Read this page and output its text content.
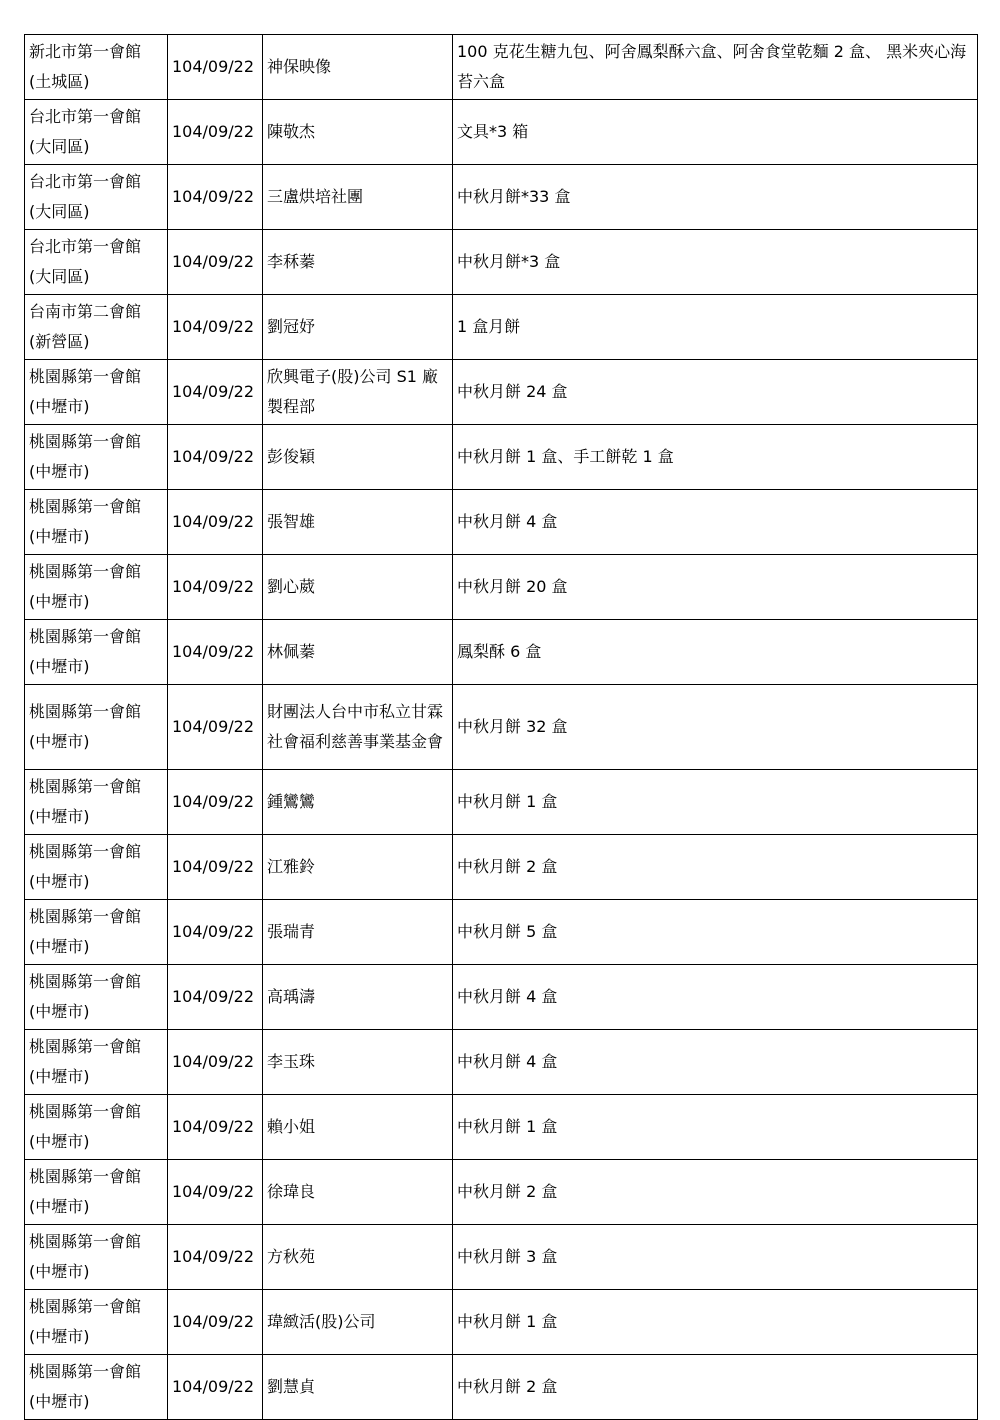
新北市第一會館
(土城區)	104/09/22	神保映像	100 克花生糖九包、阿舍鳳梨酥六盒、阿舍食堂乾麵 2 盒、 黑米夾心海苔六盒

台北市第一會館
(大同區)	104/09/22	陳敬杰	文具*3 箱

台北市第一會館
(大同區)	104/09/22	三盧烘培社團	中秋月餅*33 盒

台北市第一會館
(大同區)	104/09/22	李秝蓁	中秋月餅*3 盒

台南市第二會館
(新營區)	104/09/22	劉冠妤	1 盒月餅

桃園縣第一會館
(中壢市)	104/09/22	欣興電子(股)公司 S1 廠製程部	中秋月餅 24 盒

桃園縣第一會館
(中壢市)	104/09/22	彭俊穎	中秋月餅 1 盒、手工餅乾 1 盒

桃園縣第一會館
(中壢市)	104/09/22	張智雄	中秋月餅 4 盒

桃園縣第一會館
(中壢市)	104/09/22	劉心葳	中秋月餅 20 盒

桃園縣第一會館
(中壢市)	104/09/22	林佩蓁	鳳梨酥 6 盒

桃園縣第一會館
(中壢市)	104/09/22	財團法人台中市私立甘霖社會福利慈善事業基金會	中秋月餅 32 盒

桃園縣第一會館
(中壢市)	104/09/22	鍾鸞鸞	中秋月餅 1 盒

桃園縣第一會館
(中壢市)	104/09/22	江雅鈴	中秋月餅 2 盒

桃園縣第一會館
(中壢市)	104/09/22	張瑞青	中秋月餅 5 盒

桃園縣第一會館
(中壢市)	104/09/22	高瑀濤	中秋月餅 4 盒

桃園縣第一會館
(中壢市)	104/09/22	李玉珠	中秋月餅 4 盒

桃園縣第一會館
(中壢市)	104/09/22	賴小姐	中秋月餅 1 盒

桃園縣第一會館
(中壢市)	104/09/22	徐瑋良	中秋月餅 2 盒

桃園縣第一會館
(中壢市)	104/09/22	方秋苑	中秋月餅 3 盒

桃園縣第一會館
(中壢市)	104/09/22	瑋緻活(股)公司	中秋月餅 1 盒

桃園縣第一會館
(中壢市)	104/09/22	劉慧貞	中秋月餅 2 盒
